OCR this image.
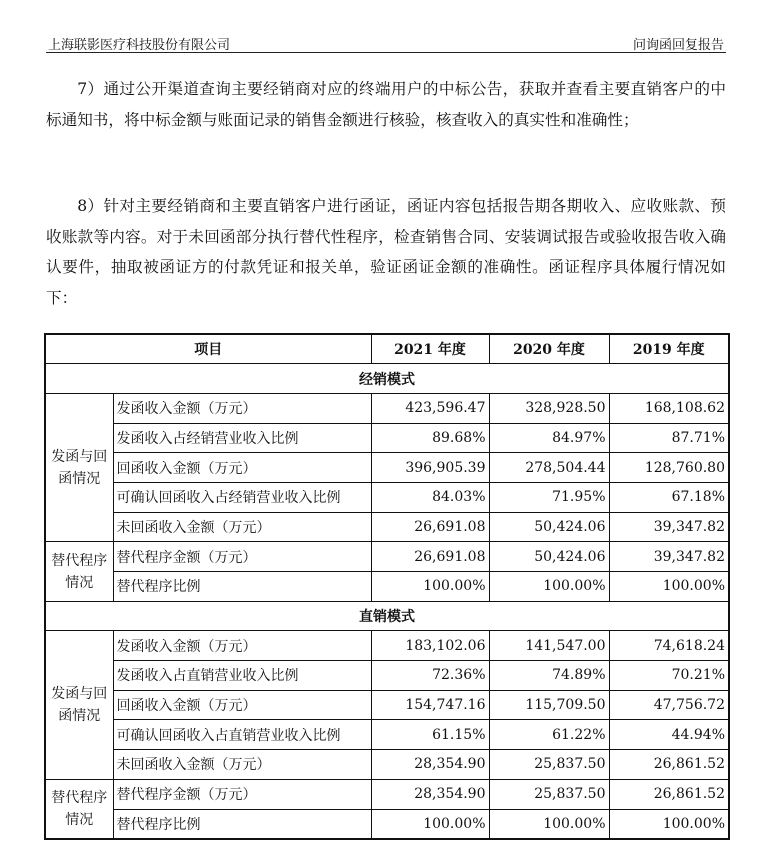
上海联影医疗科技股份有限公司	问询函回复报告

7）通过公开渠道查询主要经销商对应的终端用户的中标公告，获取并查看主要直销客户的中标通知书，将中标金额与账面记录的销售金额进行核验，核查收入的真实性和准确性；

8）针对主要经销商和主要直销客户进行函证，函证内容包括报告期各期收入、应收账款、预收账款等内容。对于未回函部分执行替代性程序，检查销售合同、安装调试报告或验收报告收入确认要件，抽取被函证方的付款凭证和报关单，验证函证金额的准确性。函证程序具体履行情况如下：

项目		2021 年度	2020 年度	2019 年度
经销模式				
发函与回函情况	发函收入金额（万元）	423,596.47	328,928.50	168,108.62
	发函收入占经销营业收入比例	89.68%	84.97%	87.71%
	回函收入金额（万元）	396,905.39	278,504.44	128,760.80
	可确认回函收入占经销营业收入比例	84.03%	71.95%	67.18%
	未回函收入金额（万元）	26,691.08	50,424.06	39,347.82
替代程序情况	替代程序金额（万元）	26,691.08	50,424.06	39,347.82
	替代程序比例	100.00%	100.00%	100.00%
直销模式				
发函与回函情况	发函收入金额（万元）	183,102.06	141,547.00	74,618.24
	发函收入占直销营业收入比例	72.36%	74.89%	70.21%
	回函收入金额（万元）	154,747.16	115,709.50	47,756.72
	可确认回函收入占直销营业收入比例	61.15%	61.22%	44.94%
	未回函收入金额（万元）	28,354.90	25,837.50	26,861.52
替代程序情况	替代程序金额（万元）	28,354.90	25,837.50	26,861.52
	替代程序比例	100.00%	100.00%	100.00%
